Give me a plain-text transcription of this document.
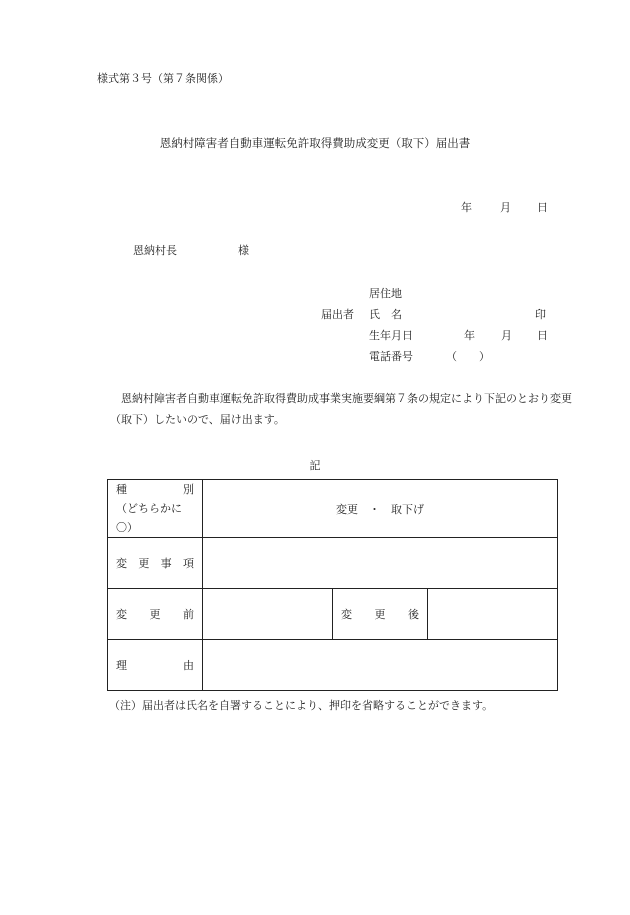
様式第３号（第７条関係）
恩納村障害者自動車運転免許取得費助成変更（取下）届出書
年	月 日
恩納村長	様
届出者
居住地
氏　名	印
生年月日	年 月 日
電話番号	（　　）
恩納村障害者自動車運転免許取得費助成事業実施要綱第７条の規定により下記のとおり変更（取下）したいので、届け出ます。
記
種 別
（どちらかに〇）	変更　・　取下げ		

変 更 事 項			

変 更 前		変 更 後	

理 由			

（注）届出者は氏名を自署することにより、押印を省略することができます。
